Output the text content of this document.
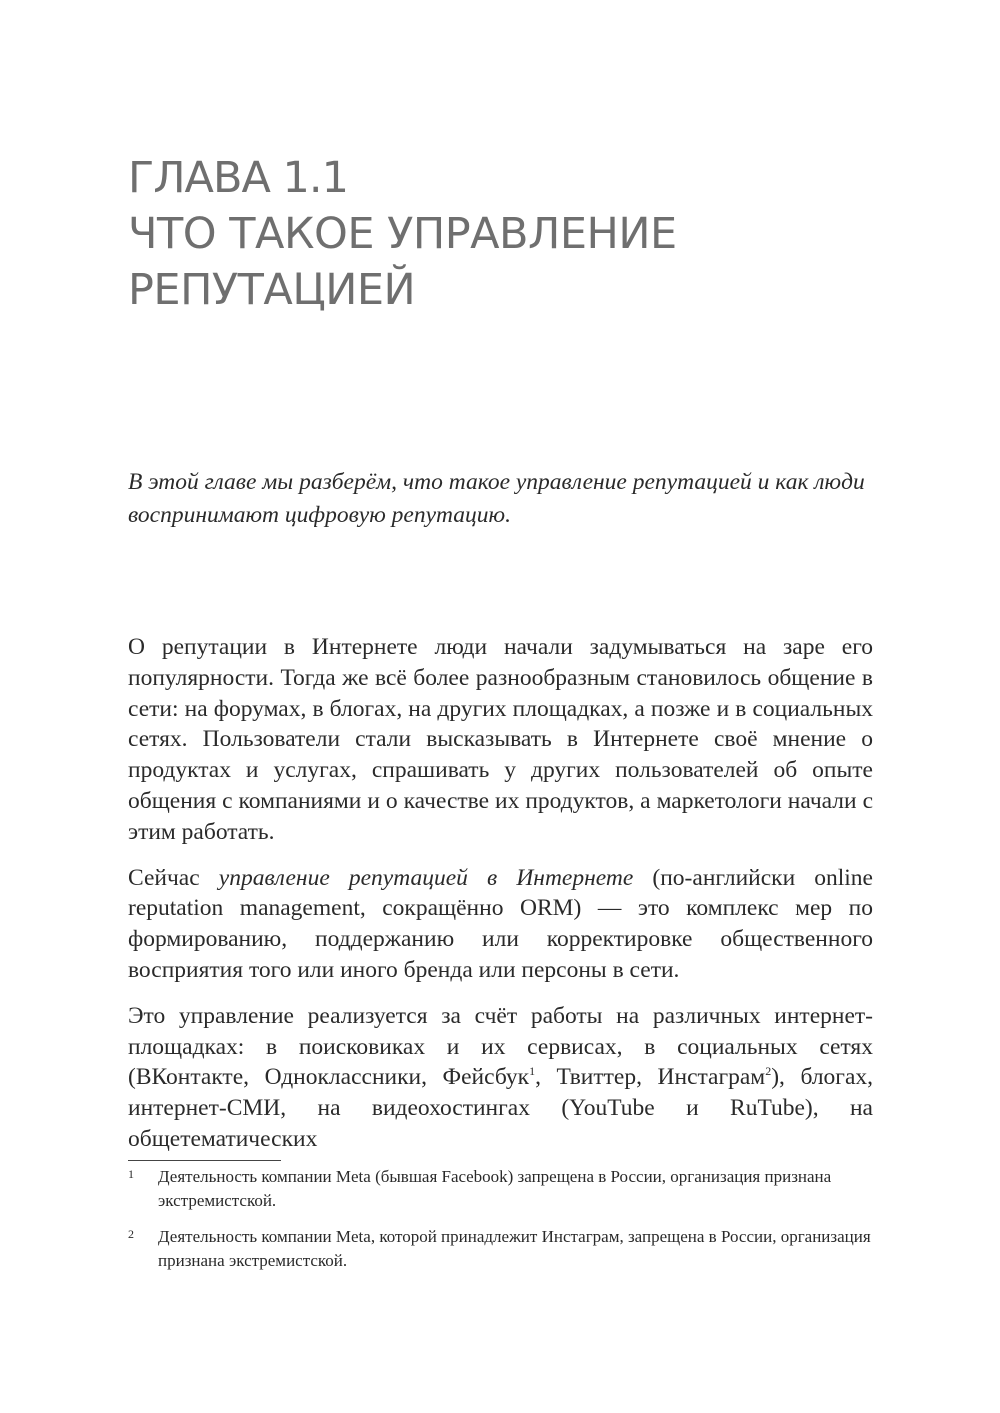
ГЛАВА 1.1
ЧТО ТАКОЕ УПРАВЛЕНИЕ
РЕПУТАЦИЕЙ

В этой главе мы разберём, что такое управление репутацией и как люди воспринимают цифровую репутацию.

О репутации в Интернете люди начали задумываться на заре его популярности. Тогда же всё более разнообразным становилось общение в сети: на форумах, в блогах, на других площадках, а позже и в социальных сетях. Пользователи стали высказывать в Интернете своё мнение о продуктах и услугах, спрашивать у других пользователей об опыте общения с компаниями и о качестве их продуктов, а маркетологи начали с этим работать.

Сейчас управление репутацией в Интернете (по-английски online reputation management, сокращённо ORM) — это комплекс мер по формированию, поддержанию или корректировке общественного восприятия того или иного бренда или персоны в сети.

Это управление реализуется за счёт работы на различных интернет-площадках: в поисковиках и их сервисах, в социальных сетях (ВКонтакте, Одноклассники, Фейсбук$^1$, Твиттер, Инстаграм$^2$), блогах, интернет-СМИ, на видеохостингах (YouTube и RuTube), на общетематических

1 Деятельность компании Meta (бывшая Facebook) запрещена в России, организация признана экстремистской.
2 Деятельность компании Meta, которой принадлежит Инстаграм, запрещена в России, организация признана экстремистской.
